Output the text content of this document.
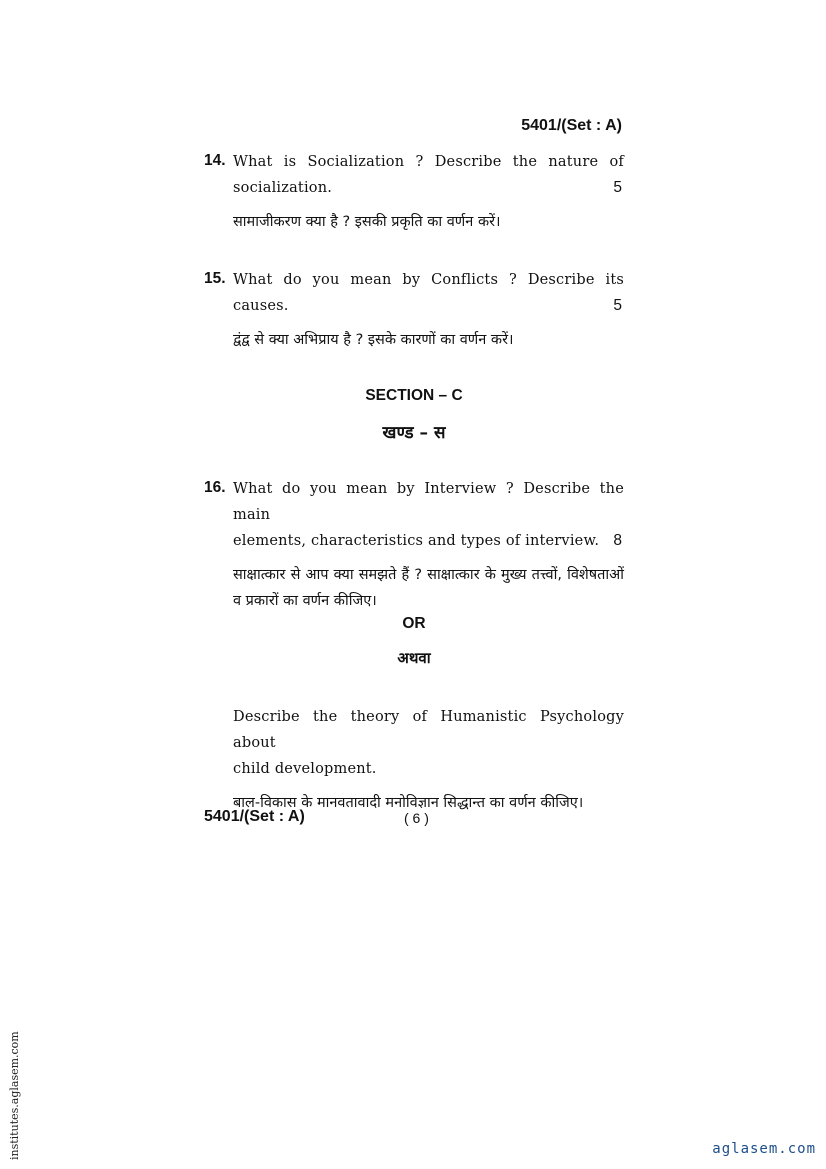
5401/(Set : A)
14. What is Socialization ? Describe the nature of
socialization.	5
सामाजीकरण क्या है ? इसकी प्रकृति का वर्णन करें।
15. What do you mean by Conflicts ? Describe its
causes.	5
द्वंद्व से क्या अभिप्राय है ? इसके कारणों का वर्णन करें।
SECTION – C
खण्ड – स
16. What do you mean by Interview ? Describe the main
elements, characteristics and types of interview. 8
साक्षात्कार से आप क्या समझते हैं ? साक्षात्कार के मुख्य तत्त्वों, विशेषताओं व प्रकारों का वर्णन कीजिए।
OR
अथवा
Describe the theory of Humanistic Psychology about
child development.
बाल-विकास के मानवतावादी मनोविज्ञान सिद्धान्त का वर्णन कीजिए।
5401/(Set : A)	( 6 )
institutes.aglasem.com	aglasem.com
